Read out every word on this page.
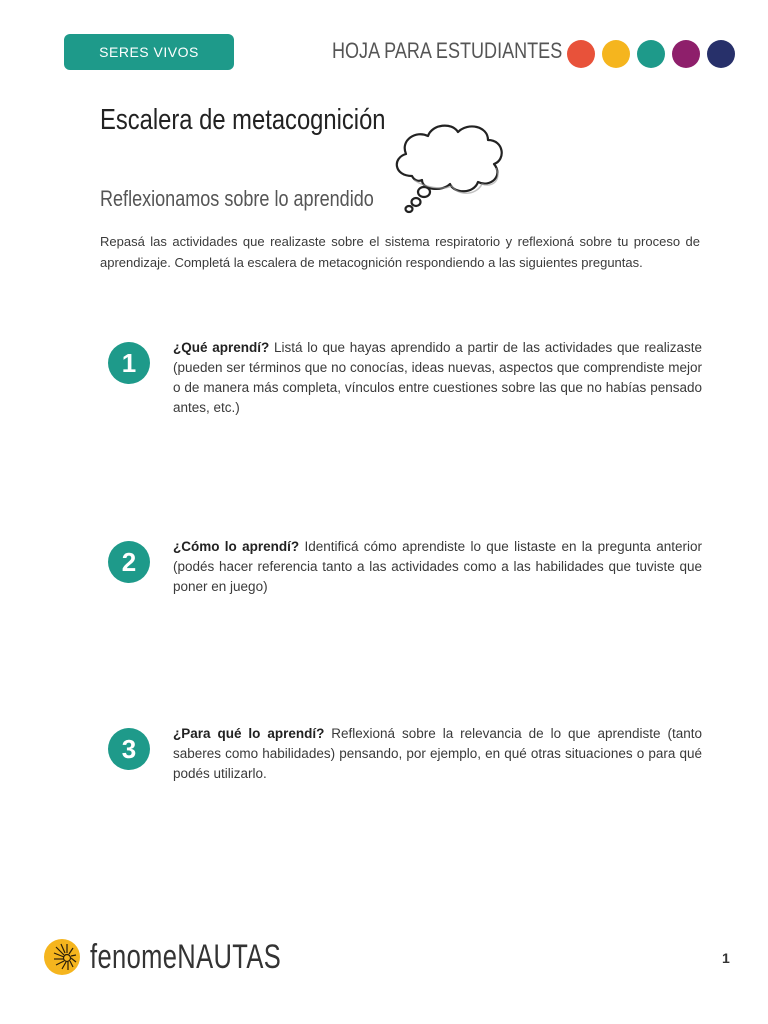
SERES VIVOS	HOJA PARA ESTUDIANTES
Escalera de metacognición
Reflexionamos sobre lo aprendido
Repasá las actividades que realizaste sobre el sistema respiratorio y reflexioná sobre tu proceso de aprendizaje. Completá la escalera de metacognición respondiendo a las siguientes preguntas.
1	¿Qué aprendí? Listá lo que hayas aprendido a partir de las actividades que realizaste (pueden ser términos que no conocías, ideas nuevas, aspectos que comprendiste mejor o de manera más completa, vínculos entre cuestiones sobre las que no habías pensado antes, etc.)
2	¿Cómo lo aprendí? Identificá cómo aprendiste lo que listaste en la pregunta anterior (podés hacer referencia tanto a las actividades como a las habilidades que tuviste que poner en juego)
3	¿Para qué lo aprendí? Reflexioná sobre la relevancia de lo que aprendiste (tanto saberes como habilidades) pensando, por ejemplo, en qué otras situaciones o para qué podés utilizarlo.
fenomeNAUTAS	1
